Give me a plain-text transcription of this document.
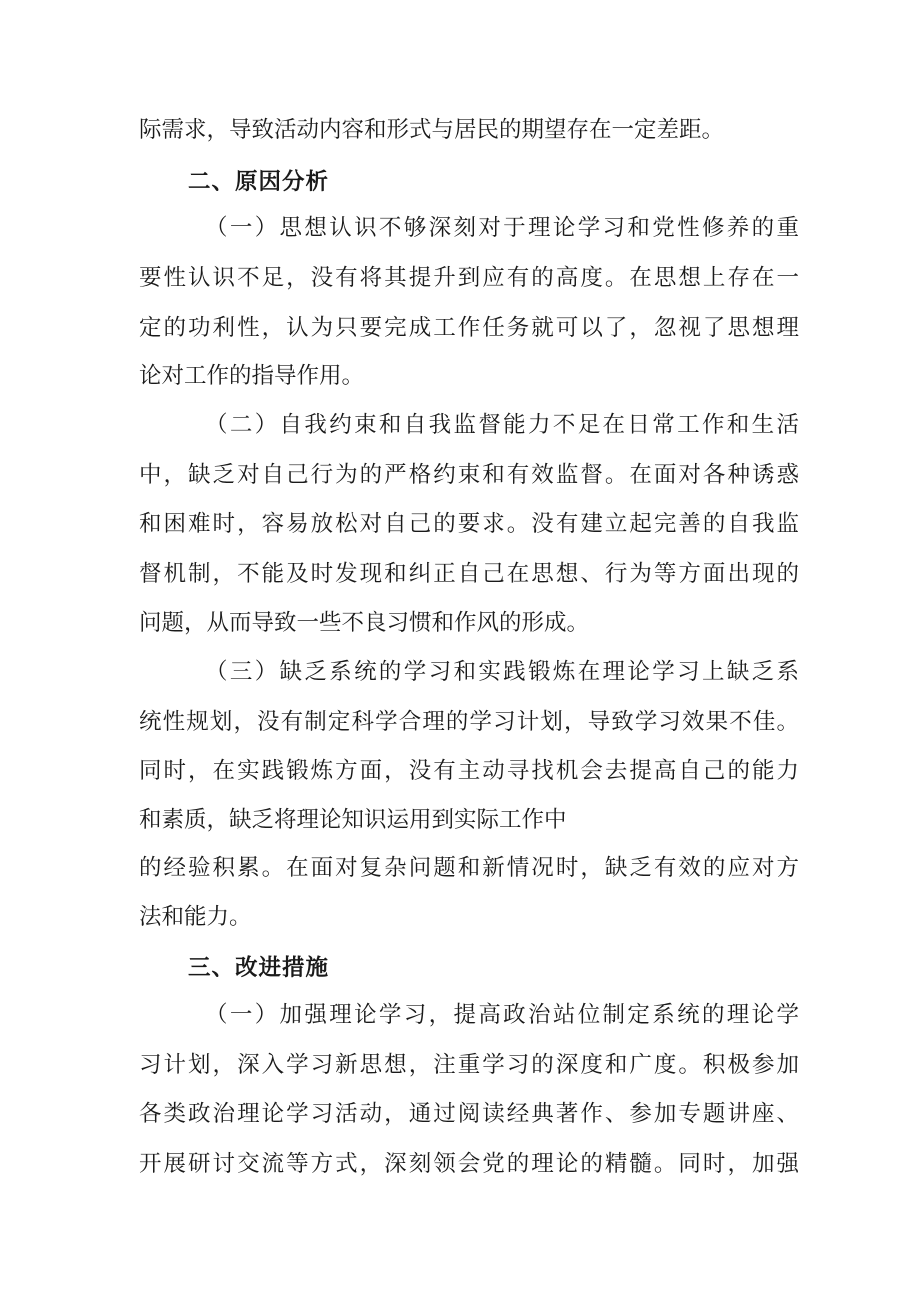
际需求，导致活动内容和形式与居民的期望存在一定差距。
二、原因分析
（一）思想认识不够深刻对于理论学习和党性修养的重
要性认识不足，没有将其提升到应有的高度。在思想上存在一
定的功利性，认为只要完成工作任务就可以了，忽视了思想理
论对工作的指导作用。
（二）自我约束和自我监督能力不足在日常工作和生活
中，缺乏对自己行为的严格约束和有效监督。在面对各种诱惑
和困难时，容易放松对自己的要求。没有建立起完善的自我监
督机制，不能及时发现和纠正自己在思想、行为等方面出现的
问题，从而导致一些不良习惯和作风的形成。
（三）缺乏系统的学习和实践锻炼在理论学习上缺乏系
统性规划，没有制定科学合理的学习计划，导致学习效果不佳。
同时，在实践锻炼方面，没有主动寻找机会去提高自己的能力
和素质，缺乏将理论知识运用到实际工作中
的经验积累。在面对复杂问题和新情况时，缺乏有效的应对方
法和能力。
三、改进措施
（一）加强理论学习，提高政治站位制定系统的理论学
习计划，深入学习新思想，注重学习的深度和广度。积极参加
各类政治理论学习活动，通过阅读经典著作、参加专题讲座、
开展研讨交流等方式，深刻领会党的理论的精髓。同时，加强
